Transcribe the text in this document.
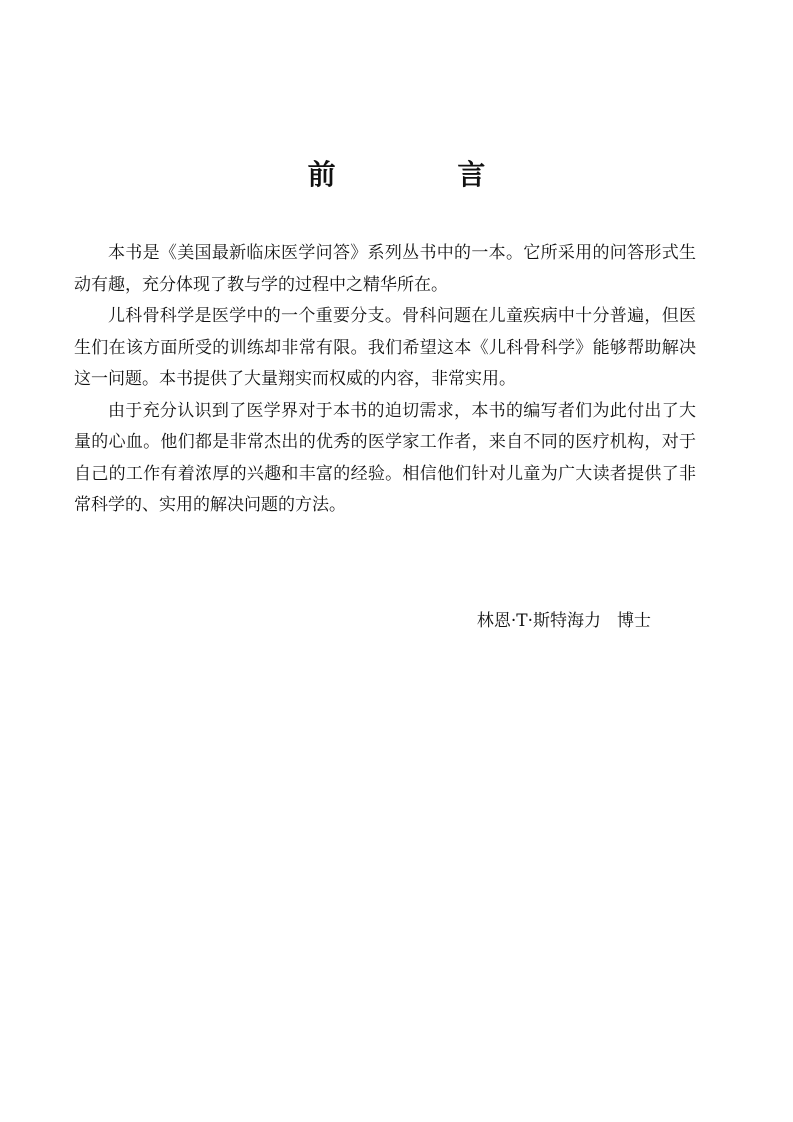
前 言

本书是《美国最新临床医学问答》系列丛书中的一本。它所采用的问答形式生动有趣，充分体现了教与学的过程中之精华所在。

儿科骨科学是医学中的一个重要分支。骨科问题在儿童疾病中十分普遍，但医生们在该方面所受的训练却非常有限。我们希望这本《儿科骨科学》能够帮助解决这一问题。本书提供了大量翔实而权威的内容，非常实用。

由于充分认识到了医学界对于本书的迫切需求，本书的编写者们为此付出了大量的心血。他们都是非常杰出的优秀的医学家工作者，来自不同的医疗机构，对于自己的工作有着浓厚的兴趣和丰富的经验。相信他们针对儿童为广大读者提供了非常科学的、实用的解决问题的方法。

林恩·T·斯特海力 博士
